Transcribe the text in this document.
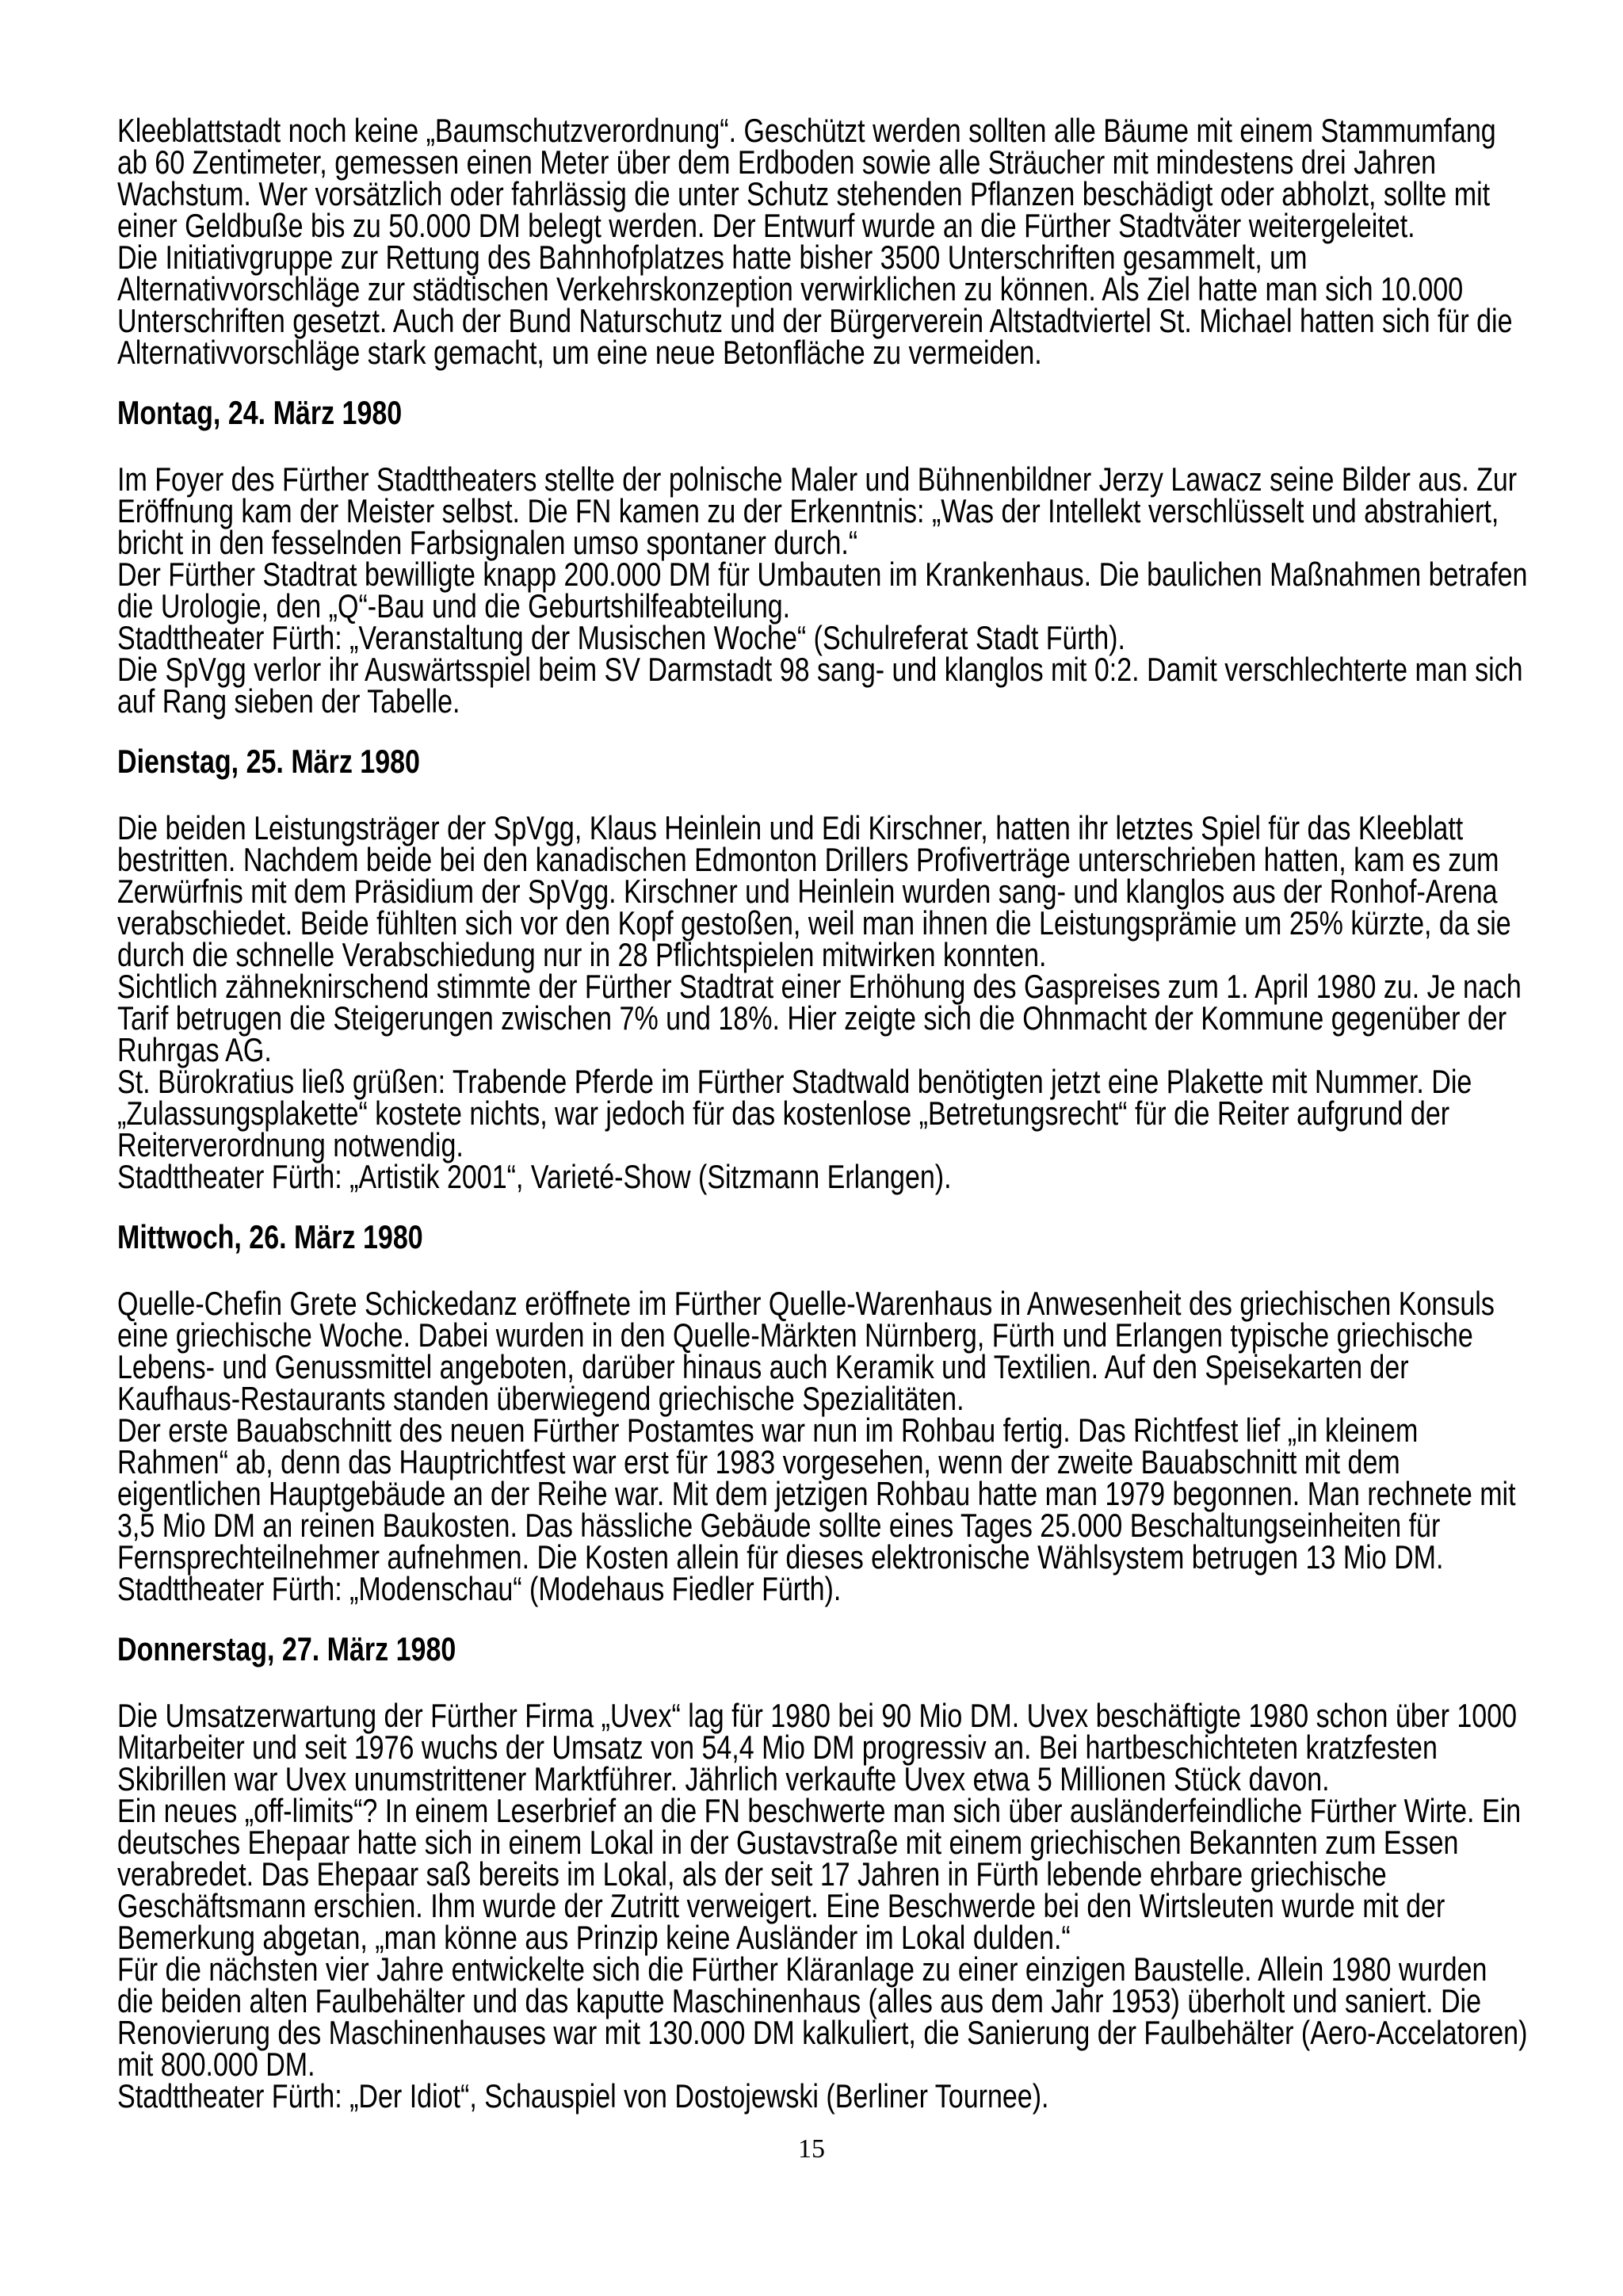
Kleeblattstadt noch keine „Baumschutzverordnung“. Geschützt werden sollten alle Bäume mit einem Stammumfang ab 60 Zentimeter, gemessen einen Meter über dem Erdboden sowie alle Sträucher mit mindestens drei Jahren Wachstum. Wer vorsätzlich oder fahrlässig die unter Schutz stehenden Pflanzen beschädigt oder abholzt, sollte mit einer Geldbuße bis zu 50.000 DM belegt werden. Der Entwurf wurde an die Fürther Stadtväter weitergeleitet.

Die Initiativgruppe zur Rettung des Bahnhofplatzes hatte bisher 3500 Unterschriften gesammelt, um Alternativvorschläge zur städtischen Verkehrskonzeption verwirklichen zu können. Als Ziel hatte man sich 10.000 Unterschriften gesetzt. Auch der Bund Naturschutz und der Bürgerverein Altstadtviertel St. Michael hatten sich für die Alternativvorschläge stark gemacht, um eine neue Betonfläche zu vermeiden.

Montag, 24. März 1980

Im Foyer des Fürther Stadttheaters stellte der polnische Maler und Bühnenbildner Jerzy Lawacz seine Bilder aus. Zur Eröffnung kam der Meister selbst. Die FN kamen zu der Erkenntnis: „Was der Intellekt verschlüsselt und abstrahiert, bricht in den fesselnden Farbsignalen umso spontaner durch.“

Der Fürther Stadtrat bewilligte knapp 200.000 DM für Umbauten im Krankenhaus. Die baulichen Maßnahmen betrafen die Urologie, den „Q“-Bau und die Geburtshilfeabteilung.

Stadttheater Fürth: „Veranstaltung der Musischen Woche“ (Schulreferat Stadt Fürth).

Die SpVgg verlor ihr Auswärtsspiel beim SV Darmstadt 98 sang- und klanglos mit 0:2. Damit verschlechterte man sich auf Rang sieben der Tabelle.

Dienstag, 25. März 1980

Die beiden Leistungsträger der SpVgg, Klaus Heinlein und Edi Kirschner, hatten ihr letztes Spiel für das Kleeblatt bestritten. Nachdem beide bei den kanadischen Edmonton Drillers Profiverträge unterschrieben hatten, kam es zum Zerwürfnis mit dem Präsidium der SpVgg. Kirschner und Heinlein wurden sang- und klanglos aus der Ronhof-Arena verabschiedet. Beide fühlten sich vor den Kopf gestoßen, weil man ihnen die Leistungsprämie um 25% kürzte, da sie durch die schnelle Verabschiedung nur in 28 Pflichtspielen mitwirken konnten.

Sichtlich zähneknirschend stimmte der Fürther Stadtrat einer Erhöhung des Gaspreises zum 1. April 1980 zu. Je nach Tarif betrugen die Steigerungen zwischen 7% und 18%. Hier zeigte sich die Ohnmacht der Kommune gegenüber der Ruhrgas AG.

St. Bürokratius ließ grüßen: Trabende Pferde im Fürther Stadtwald benötigten jetzt eine Plakette mit Nummer. Die „Zulassungsplakette“ kostete nichts, war jedoch für das kostenlose „Betretungsrecht“ für die Reiter aufgrund der Reiterverordnung notwendig.

Stadttheater Fürth: „Artistik 2001“, Varieté-Show (Sitzmann Erlangen).

Mittwoch, 26. März 1980

Quelle-Chefin Grete Schickedanz eröffnete im Fürther Quelle-Warenhaus in Anwesenheit des griechischen Konsuls eine griechische Woche. Dabei wurden in den Quelle-Märkten Nürnberg, Fürth und Erlangen typische griechische Lebens- und Genussmittel angeboten, darüber hinaus auch Keramik und Textilien. Auf den Speisekarten der Kaufhaus-Restaurants standen überwiegend griechische Spezialitäten.

Der erste Bauabschnitt des neuen Fürther Postamtes war nun im Rohbau fertig. Das Richtfest lief „in kleinem Rahmen“ ab, denn das Hauptrichtfest war erst für 1983 vorgesehen, wenn der zweite Bauabschnitt mit dem eigentlichen Hauptgebäude an der Reihe war. Mit dem jetzigen Rohbau hatte man 1979 begonnen. Man rechnete mit 3,5 Mio DM an reinen Baukosten. Das hässliche Gebäude sollte eines Tages 25.000 Beschaltungseinheiten für Fernsprechteilnehmer aufnehmen. Die Kosten allein für dieses elektronische Wählsystem betrugen 13 Mio DM.

Stadttheater Fürth: „Modenschau“ (Modehaus Fiedler Fürth).

Donnerstag, 27. März 1980

Die Umsatzerwartung der Fürther Firma „Uvex“ lag für 1980 bei 90 Mio DM. Uvex beschäftigte 1980 schon über 1000 Mitarbeiter und seit 1976 wuchs der Umsatz von 54,4 Mio DM progressiv an. Bei hartbeschichteten kratzfesten Skibrillen war Uvex unumstrittener Marktführer. Jährlich verkaufte Uvex etwa 5 Millionen Stück davon.

Ein neues „off-limits“? In einem Leserbrief an die FN beschwerte man sich über ausländerfeindliche Fürther Wirte. Ein deutsches Ehepaar hatte sich in einem Lokal in der Gustavstraße mit einem griechischen Bekannten zum Essen verabredet. Das Ehepaar saß bereits im Lokal, als der seit 17 Jahren in Fürth lebende ehrbare griechische Geschäftsmann erschien. Ihm wurde der Zutritt verweigert. Eine Beschwerde bei den Wirtsleuten wurde mit der Bemerkung abgetan, „man könne aus Prinzip keine Ausländer im Lokal dulden.“

Für die nächsten vier Jahre entwickelte sich die Fürther Kläranlage zu einer einzigen Baustelle. Allein 1980 wurden die beiden alten Faulbehälter und das kaputte Maschinenhaus (alles aus dem Jahr 1953) überholt und saniert. Die Renovierung des Maschinenhauses war mit 130.000 DM kalkuliert, die Sanierung der Faulbehälter (Aero-Accelatoren) mit 800.000 DM.

Stadttheater Fürth: „Der Idiot“, Schauspiel von Dostojewski (Berliner Tournee).

15
